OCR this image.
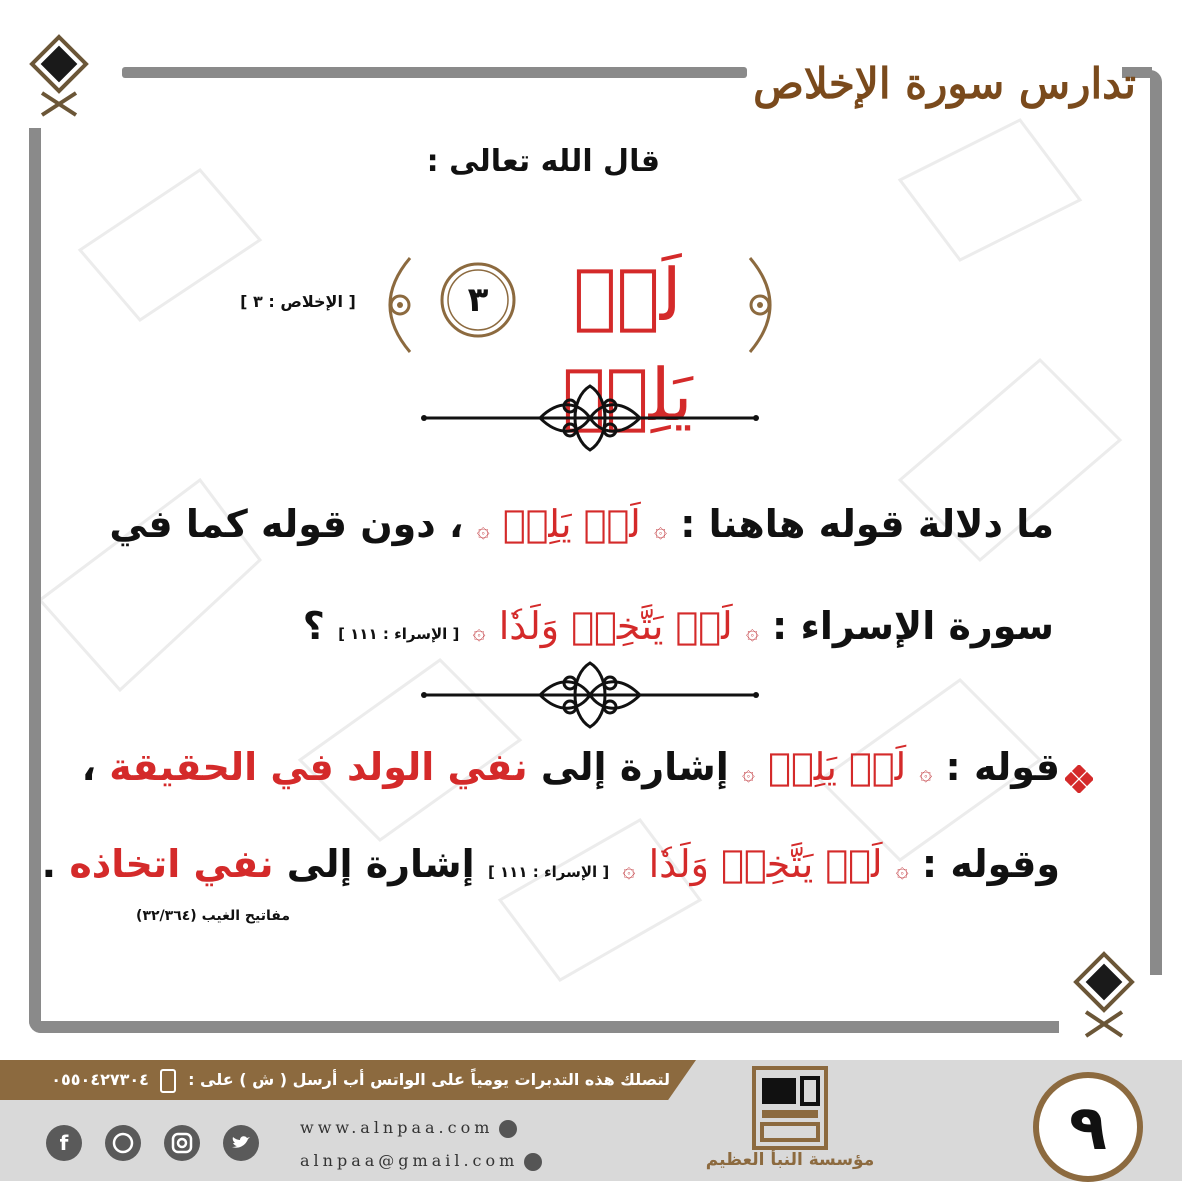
تدارس سورة الإخلاص
قال الله تعالى :
لَمۡ يَلِدۡ
٣
[ الإخلاص : ٣ ]
ما دلالة قوله هاهنا : ۞ لَمۡ يَلِدۡ ۞ ، دون قوله كما في
سورة الإسراء : ۞ لَمۡ يَتَّخِذۡ وَلَدٗا ۞ [ الإسراء : ١١١ ] ؟
قوله : ۞ لَمۡ يَلِدۡ ۞ إشارة إلى نفي الولد في الحقيقة ،
وقوله : ۞ لَمۡ يَتَّخِذۡ وَلَدٗا ۞ [ الإسراء : ١١١ ] إشارة إلى نفي اتخاذه .
مفاتيح الغيب (٣٢/٣٦٤)
لتصلك هذه التدبرات يومياً على الواتس أب أرسل ( ش ) على :  ٠٥٥٠٤٢٧٣٠٤
f
www.alnpaa.com
alnpaa@gmail.com	مؤسسة النبأ العظيم	٩
